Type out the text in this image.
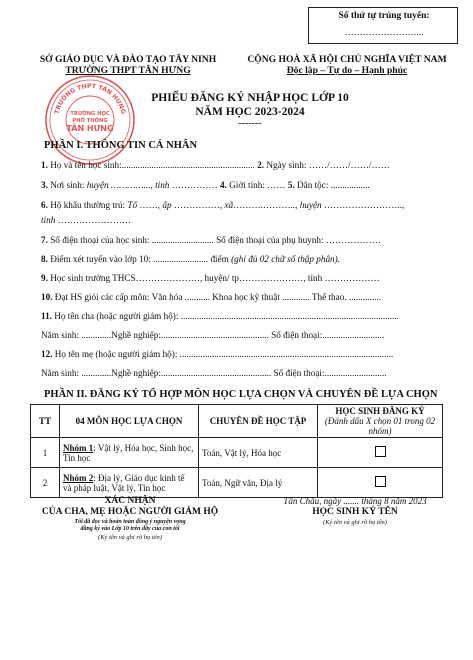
Số thứ tự trúng tuyển:
……………………...
SỞ GIÁO DỤC VÀ ĐÀO TẠO TÂY NINH
TRƯỜNG THPT TÂN HƯNG
CỘNG HOÀ XÃ HỘI CHỦ NGHĨA VIỆT NAM
Độc lập – Tự do – Hạnh phúc
TRƯỜNG THPT TÂN HƯNG
TRƯỜNG HỌC
PHỔ THÔNG
TÂN HƯNG
PHIẾU ĐĂNG KÝ NHẬP HỌC LỚP 10
NĂM HỌC 2023-2024
-------
PHẦN I. THÔNG TIN CÁ NHÂN
1. Họ và tên học sinh:.......................................................... 2. Ngày sinh: ……/……/……/……
3. Nơi sinh: huyện …………..., tỉnh …………… 4. Giới tính: …… 5. Dân tộc: .................
6. Hộ khẩu thường trú: Tổ ……, ấp ……………, xã……….……….., huyện ……………………..,
tỉnh ……………………
7. Số điện thoại của học sinh: ........................... Số điện thoại của phụ huynh: ………………
8. Điểm xét tuyển vào lớp 10: ........................ điểm (ghi đủ 02 chữ số thập phân).
9. Học sinh trường THCS…………………, huyện/ tp…………………, tỉnh ………………
10. Đạt HS giỏi các cấp môn: Văn hóa ........... Khoa học kỹ thuật ............ Thể thao. ..............
11. Họ tên cha (hoặc người giám hộ): ...............................................................................................
Năm sinh: .............Nghề nghiệp:............................................... Số điện thoại:...........................
12. Họ tên mẹ (hoặc người giám hộ): .............................................................................................
Năm sinh: .............Nghề nghiệp:................................................ Số điện thoại:...........................
PHẦN II. ĐĂNG KÝ TỔ HỢP MÔN HỌC LỰA CHỌN VÀ CHUYÊN ĐỀ LỰA CHỌN
TT	04 MÔN HỌC LỰA CHỌN	CHUYÊN ĐỀ HỌC TẬP	HỌC SINH ĐĂNG KÝ
(Đánh dấu X chọn 01 trong 02 nhóm)

1	Nhóm 1: Vật lý, Hóa học, Sinh học, Tin học	Toán, Vật lý, Hóa học	
2	Nhóm 2: Địa lý, Giáo dục kinh tế và pháp luật, Vật lý, Tin học	Toán, Ngữ văn, Địa lý	
XÁC NHẬN
CỦA CHA, MẸ HOẶC NGƯỜI GIÁM HỘ
Tôi đã đọc và hoàn toàn đồng ý nguyện vọng
đăng ký vào Lớp 10 trên đây của con tôi
(Ký tên và ghi rõ họ tên)
Tân Châu, ngày ....... tháng 8 năm 2023
HỌC SINH KÝ TÊN
(Ký tên và ghi rõ họ tên)
